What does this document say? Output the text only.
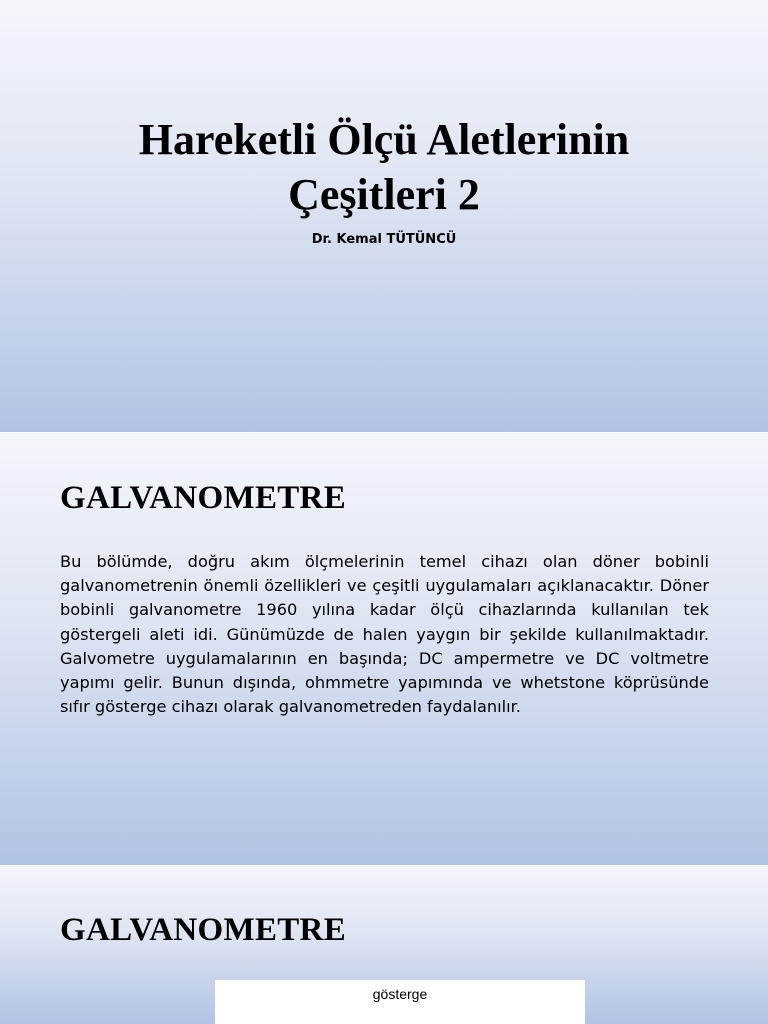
Hareketli Ölçü Aletlerinin
Çeşitleri 2
Dr. Kemal TÜTÜNCÜ
GALVANOMETRE

Bu bölümde, doğru akım ölçmelerinin temel cihazı olan döner bobinli galvanometrenin önemli özellikleri ve çeşitli uygulamaları açıklanacaktır. Döner bobinli galvanometre 1960 yılına kadar ölçü cihazlarında kullanılan tek göstergeli aleti idi. Günümüzde de halen yaygın bir şekilde kullanılmaktadır. Galvometre uygulamalarının en başında; DC ampermetre ve DC voltmetre yapımı gelir. Bunun dışında, ohmmetre yapımında ve whetstone köprüsünde sıfır gösterge cihazı olarak galvanometreden faydalanılır.

GALVANOMETRE
gösterge
